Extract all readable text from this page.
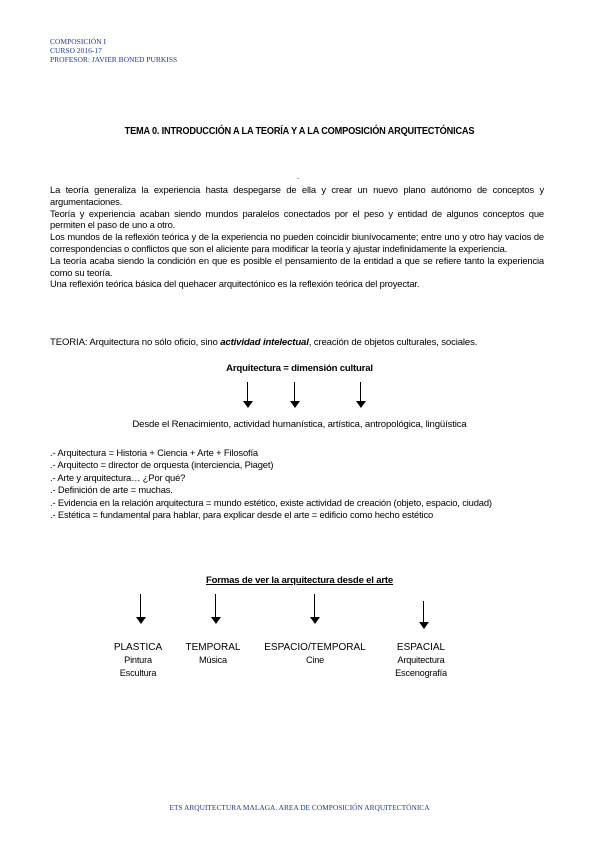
COMPOSICIÓN I
CURSO 2016-17
PROFESOR: JAVIER BONED PURKISS
TEMA 0. INTRODUCCIÓN A LA TEORÍA Y A LA COMPOSICIÓN ARQUITECTÓNICAS
.

La teoría generaliza la experiencia hasta despegarse de ella y crear un nuevo plano autónomo de conceptos y argumentaciones.

Teoría y experiencia acaban siendo mundos paralelos conectados por el peso y entidad de algunos conceptos que permiten el paso de uno a otro.

Los mundos de la reflexión teórica y de la experiencia no pueden coincidir biunívocamente; entre uno y otro hay vacíos de correspondencias o conflictos que son el aliciente para modificar la teoría y ajustar indefinidamente la experiencia.

La teoría acaba siendo la condición en que es posible el pensamiento de la entidad a que se refiere tanto la experiencia como su teoría.

Una reflexión teórica básica del quehacer arquitectónico es la reflexión teórica del proyectar.

TEORIA: Arquitectura no sólo oficio, sino actividad intelectual, creación de objetos culturales, sociales.
Arquitectura = dimensión cultural
Desde el Renacimiento, actividad humanística, artística, antropológica, lingüística
.- Arquitectura = Historia + Ciencia + Arte + Filosofía
.- Arquitecto = director de orquesta (interciencia, Piaget)
.- Arte y arquitectura… ¿Por qué?
.- Definición de arte = muchas.
.- Evidencia en la relación arquitectura = mundo estético, existe actividad de creación (objeto, espacio, ciudad)
.- Estética = fundamental para hablar, para explicar desde el arte = edificio como hecho estético
Formas de ver la arquitectura desde el arte
PLASTICA
Pintura
Escultura
TEMPORAL
Música
ESPACIO/TEMPORAL
Cine
ESPACIAL
Arquitectura
Escenografía
ETS ARQUITECTURA MALAGA. AREA DE COMPOSICIÓN ARQUITECTÓNICA
